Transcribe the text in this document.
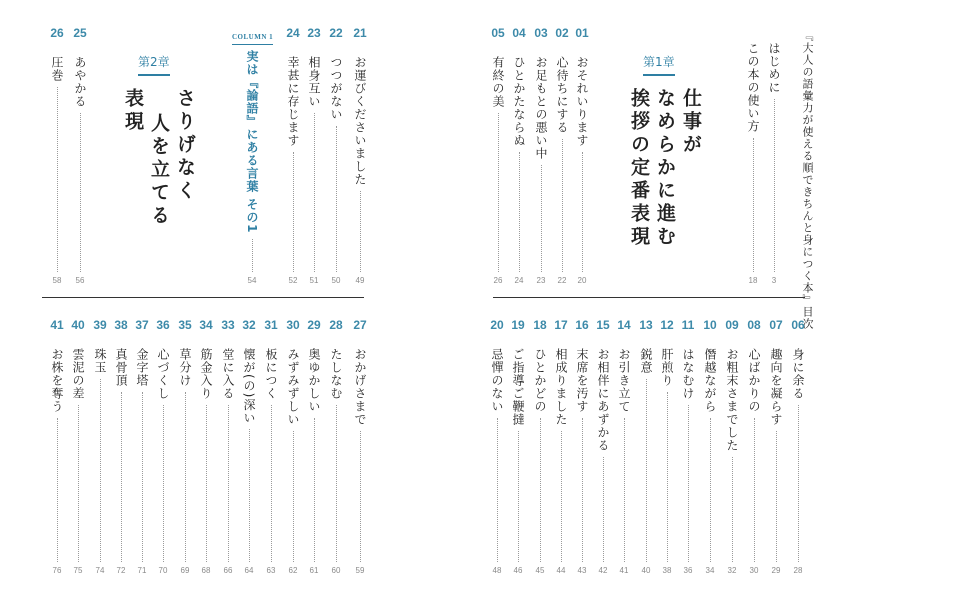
第2章
さりげなく
人を立てる
表現
COLUMN 1
実は『論語』にある言葉 その1
54
21
お運びくださいました
49
22
つつがない
50
23
相身互い
51
24
幸甚に存じます
52
25
あやかる
56
26
圧巻
58
27
おかげさまで
59
28
たしなむ
60
29
奥ゆかしい
61
30
みずみずしい
62
31
板につく
63
32
懐が(の)深い
64
33
堂に入る
66
34
筋金入り
68
35
草分け
69
36
心づくし
70
37
金字塔
71
38
真骨頂
72
39
珠玉
74
40
雲泥の差
75
41
お株を奪う
76
『大人の語彙力が使える順できちんと身につく本』目次
はじめに
3
この本の使い方
18
第1章
仕事が
なめらかに進む
挨拶の定番表現
01
おそれいります
20
02
心待ちにする
22
03
お足もとの悪い中
23
04
ひとかたならぬ
24
05
有終の美
26
06
身に余る
28
07
趣向を凝らす
29
08
心ばかりの
30
09
お粗末さまでした
32
10
僭越ながら
34
11
はなむけ
36
12
肝煎り
38
13
鋭意
40
14
お引き立て
41
15
お相伴にあずかる
42
16
末席を汚す
43
17
相成りました
44
18
ひとかどの
45
19
ご指導ご鞭撻
46
20
忌憚のない
48
